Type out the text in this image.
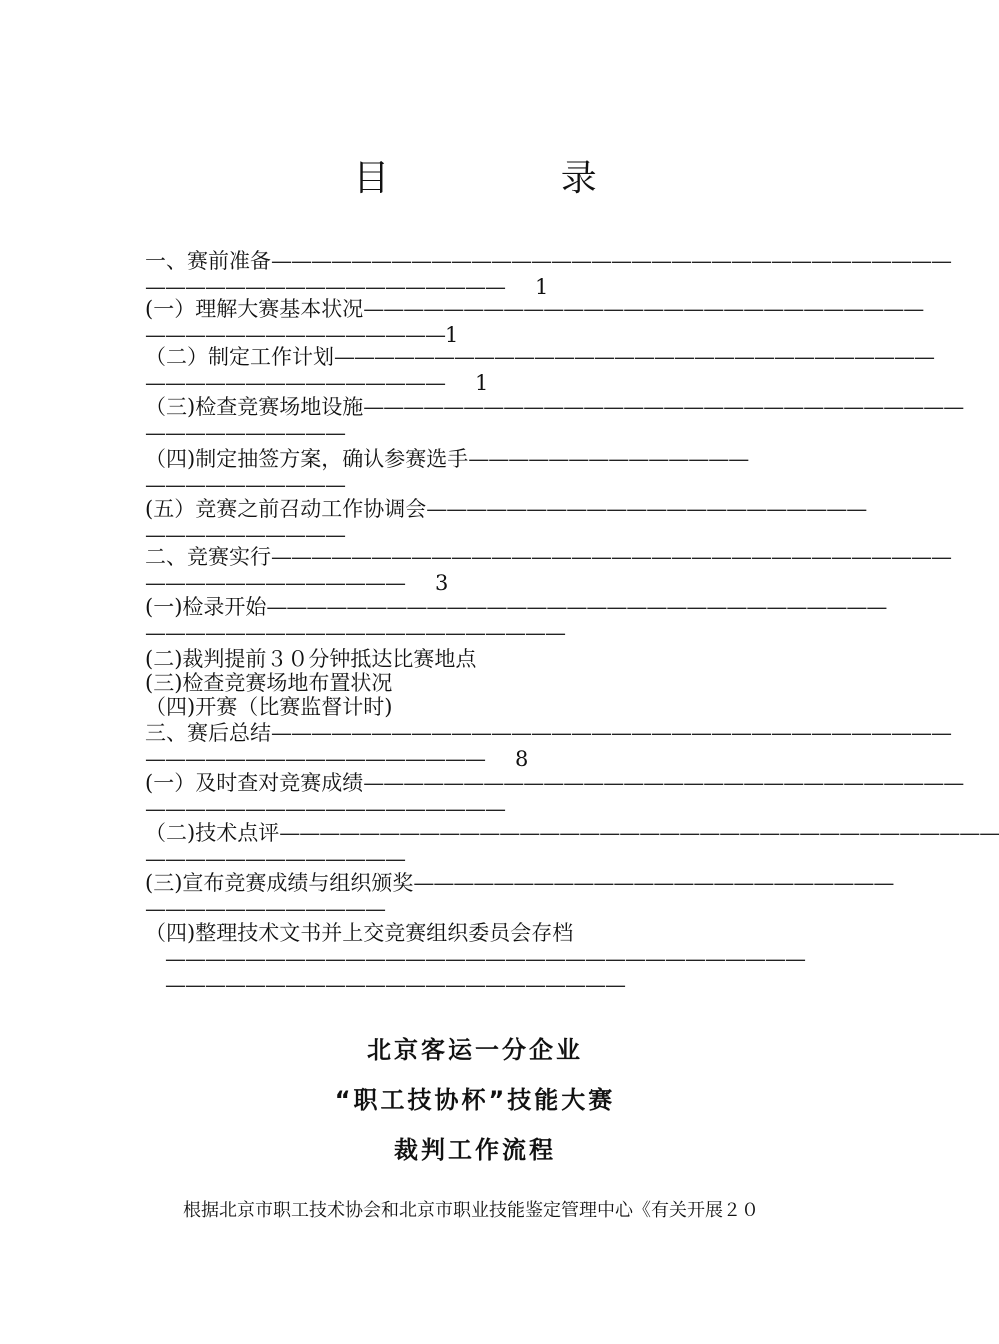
目 录
一、赛前准备——————————————————————————————————
—————————————————— 1
(一）理解大赛基本状况————————————————————————————
———————————————1
（二）制定工作计划——————————————————————————————
——————————————— 1
（三)检查竞赛场地设施——————————————————————————————
——————————
（四)制定抽签方案，确认参赛选手——————————————
——————————
(五）竞赛之前召动工作协调会——————————————————————
——————————
二、竞赛实行——————————————————————————————————
————————————— 3
(一)检录开始———————————————————————————————
—————————————————————
(二)裁判提前３０分钟抵达比赛地点
(三)检查竞赛场地布置状况
（四)开赛（比赛监督计时)
三、赛后总结——————————————————————————————————
————————————————— 8
(一）及时查对竞赛成绩——————————————————————————————
——————————————————
（二)技术点评————————————————————————————————————
—————————————
(三)宣布竞赛成绩与组织颁奖————————————————————————
————————————
（四)整理技术文书并上交竞赛组织委员会存档
————————————————————————————————
———————————————————————
北京客运一分企业
“职工技协杯”技能大赛
裁判工作流程
根据北京市职工技术协会和北京市职业技能鉴定管理中心《有关开展２０
